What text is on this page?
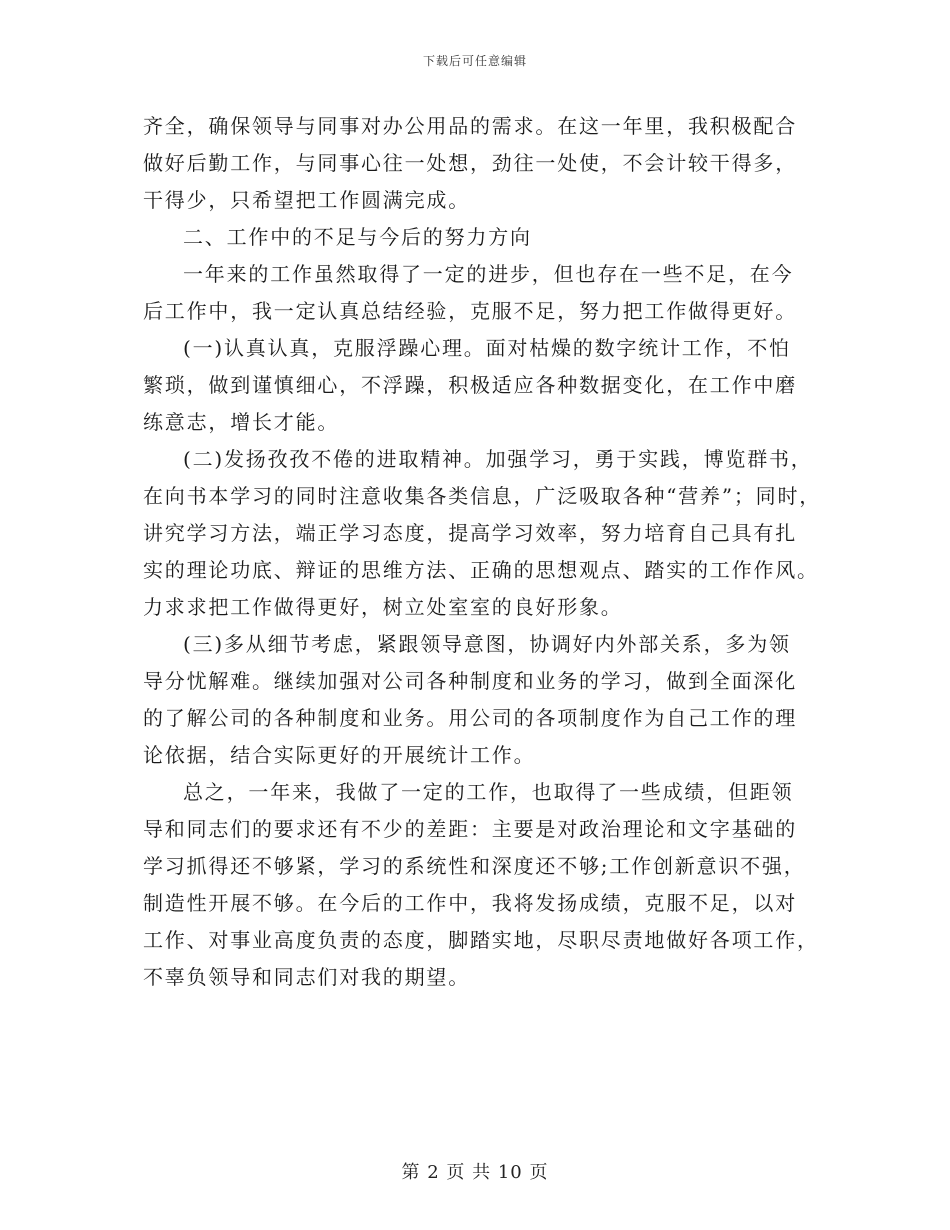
下载后可任意编辑
齐全，确保领导与同事对办公用品的需求。在这一年里，我积极配合
做好后勤工作，与同事心往一处想，劲往一处使，不会计较干得多，
干得少，只希望把工作圆满完成。
二、工作中的不足与今后的努力方向
一年来的工作虽然取得了一定的进步，但也存在一些不足，在今
后工作中，我一定认真总结经验，克服不足，努力把工作做得更好。
(一)认真认真，克服浮躁心理。面对枯燥的数字统计工作，不怕
繁琐，做到谨慎细心，不浮躁，积极适应各种数据变化，在工作中磨
练意志，增长才能。
(二)发扬孜孜不倦的进取精神。加强学习，勇于实践，博览群书，
在向书本学习的同时注意收集各类信息，广泛吸取各种“营养”；同时，
讲究学习方法，端正学习态度，提高学习效率，努力培育自己具有扎
实的理论功底、辩证的思维方法、正确的思想观点、踏实的工作作风。
力求求把工作做得更好，树立处室室的良好形象。
(三)多从细节考虑，紧跟领导意图，协调好内外部关系，多为领
导分忧解难。继续加强对公司各种制度和业务的学习，做到全面深化
的了解公司的各种制度和业务。用公司的各项制度作为自己工作的理
论依据，结合实际更好的开展统计工作。
总之，一年来，我做了一定的工作，也取得了一些成绩，但距领
导和同志们的要求还有不少的差距：主要是对政治理论和文字基础的
学习抓得还不够紧，学习的系统性和深度还不够;工作创新意识不强，
制造性开展不够。在今后的工作中，我将发扬成绩，克服不足，以对
工作、对事业高度负责的态度，脚踏实地，尽职尽责地做好各项工作，
不辜负领导和同志们对我的期望。
第 2 页 共 10 页
